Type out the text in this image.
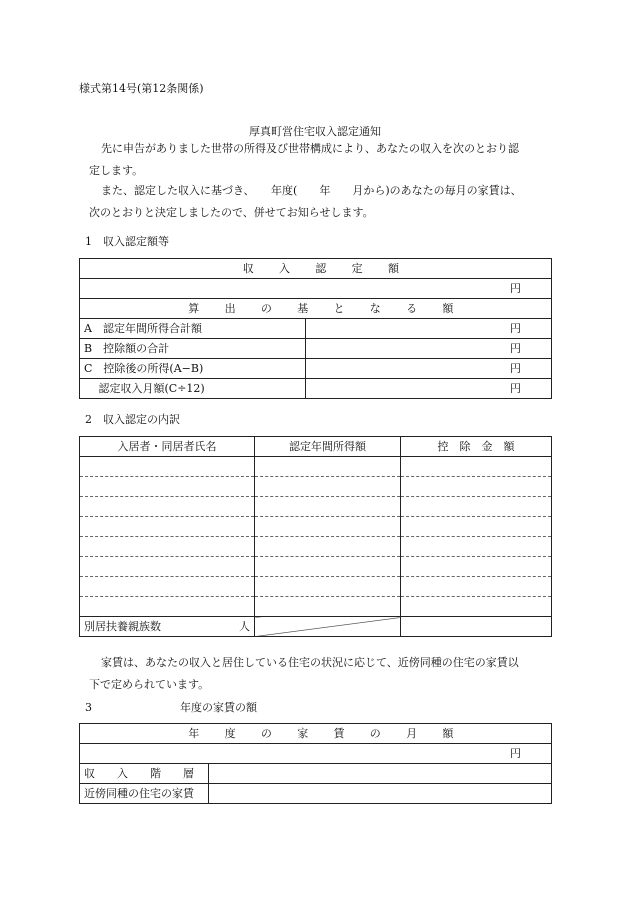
様式第14号(第12条関係)
厚真町営住宅収入認定通知
先に申告がありました世帯の所得及び世帯構成により、あなたの収入を次のとおり認
定します。
また、認定した収入に基づき、　　年度(　　年　　月から)のあなたの毎月の家賃は、
次のとおりと決定しましたので、併せてお知らせします。
1　収入認定額等
収入認定額	
円	
算出の基となる額	
A　認定年間所得合計額	円
B　控除額の合計	円
C　控除後の所得(A−B)	円
　 認定収入月額(C÷12)	円
2　収入認定の内訳
入居者・同居者氏名	認定年間所得額	控　除　金　額

別居扶養親族数 人		

家賃は、あなたの収入と居住している住宅の状況に応じて、近傍同種の住宅の家賃以
下で定められています。
3	年度の家賃の額
年度の家賃の月額	
円	
収　　入　　階　　層	
近傍同種の住宅の家賃	
